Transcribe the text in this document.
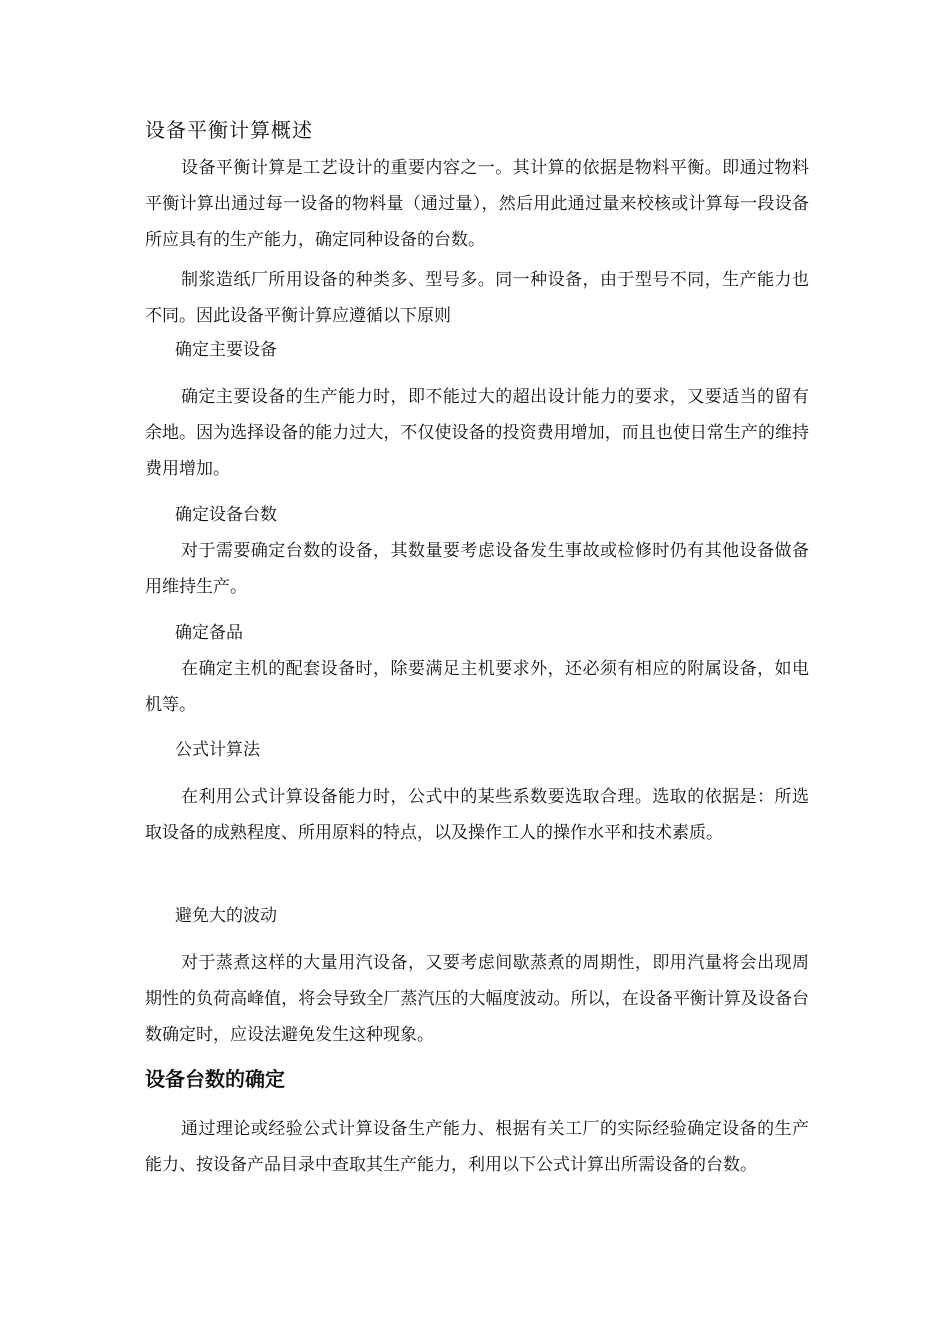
设备平衡计算概述

设备平衡计算是工艺设计的重要内容之一。其计算的依据是物料平衡。即通过物料平衡计算出通过每一设备的物料量（通过量），然后用此通过量来校核或计算每一段设备所应具有的生产能力，确定同种设备的台数。

制浆造纸厂所用设备的种类多、型号多。同一种设备，由于型号不同，生产能力也不同。因此设备平衡计算应遵循以下原则

确定主要设备

确定主要设备的生产能力时，即不能过大的超出设计能力的要求，又要适当的留有余地。因为选择设备的能力过大，不仅使设备的投资费用增加，而且也使日常生产的维持费用增加。

确定设备台数

对于需要确定台数的设备，其数量要考虑设备发生事故或检修时仍有其他设备做备用维持生产。

确定备品

在确定主机的配套设备时，除要满足主机要求外，还必须有相应的附属设备，如电机等。

公式计算法

在利用公式计算设备能力时，公式中的某些系数要选取合理。选取的依据是：所选取设备的成熟程度、所用原料的特点，以及操作工人的操作水平和技术素质。

避免大的波动

对于蒸煮这样的大量用汽设备，又要考虑间歇蒸煮的周期性，即用汽量将会出现周期性的负荷高峰值，将会导致全厂蒸汽压的大幅度波动。所以，在设备平衡计算及设备台数确定时，应设法避免发生这种现象。

设备台数的确定

通过理论或经验公式计算设备生产能力、根据有关工厂的实际经验确定设备的生产能力、按设备产品目录中查取其生产能力，利用以下公式计算出所需设备的台数。
